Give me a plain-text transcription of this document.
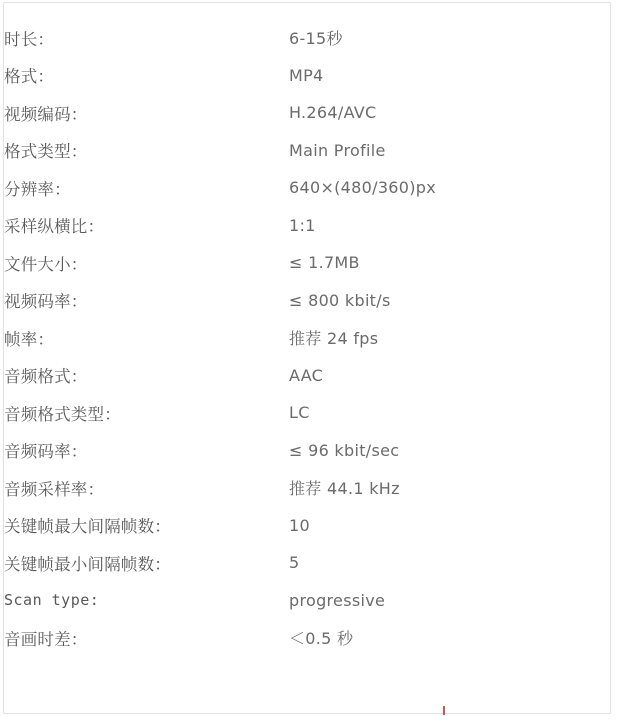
时长：	6-15秒
格式：	MP4
视频编码：	H.264/AVC
格式类型：	Main Profile
分辨率：	640×(480/360)px
采样纵横比：	1:1
文件大小：	≤ 1.7MB
视频码率：	≤ 800 kbit/s
帧率：	推荐 24 fps
音频格式：	AAC
音频格式类型：	LC
音频码率：	≤ 96 kbit/sec
音频采样率：	推荐 44.1 kHz
关键帧最大间隔帧数：	10
关键帧最小间隔帧数：	5
Scan type:	progressive
音画时差：	＜0.5 秒
